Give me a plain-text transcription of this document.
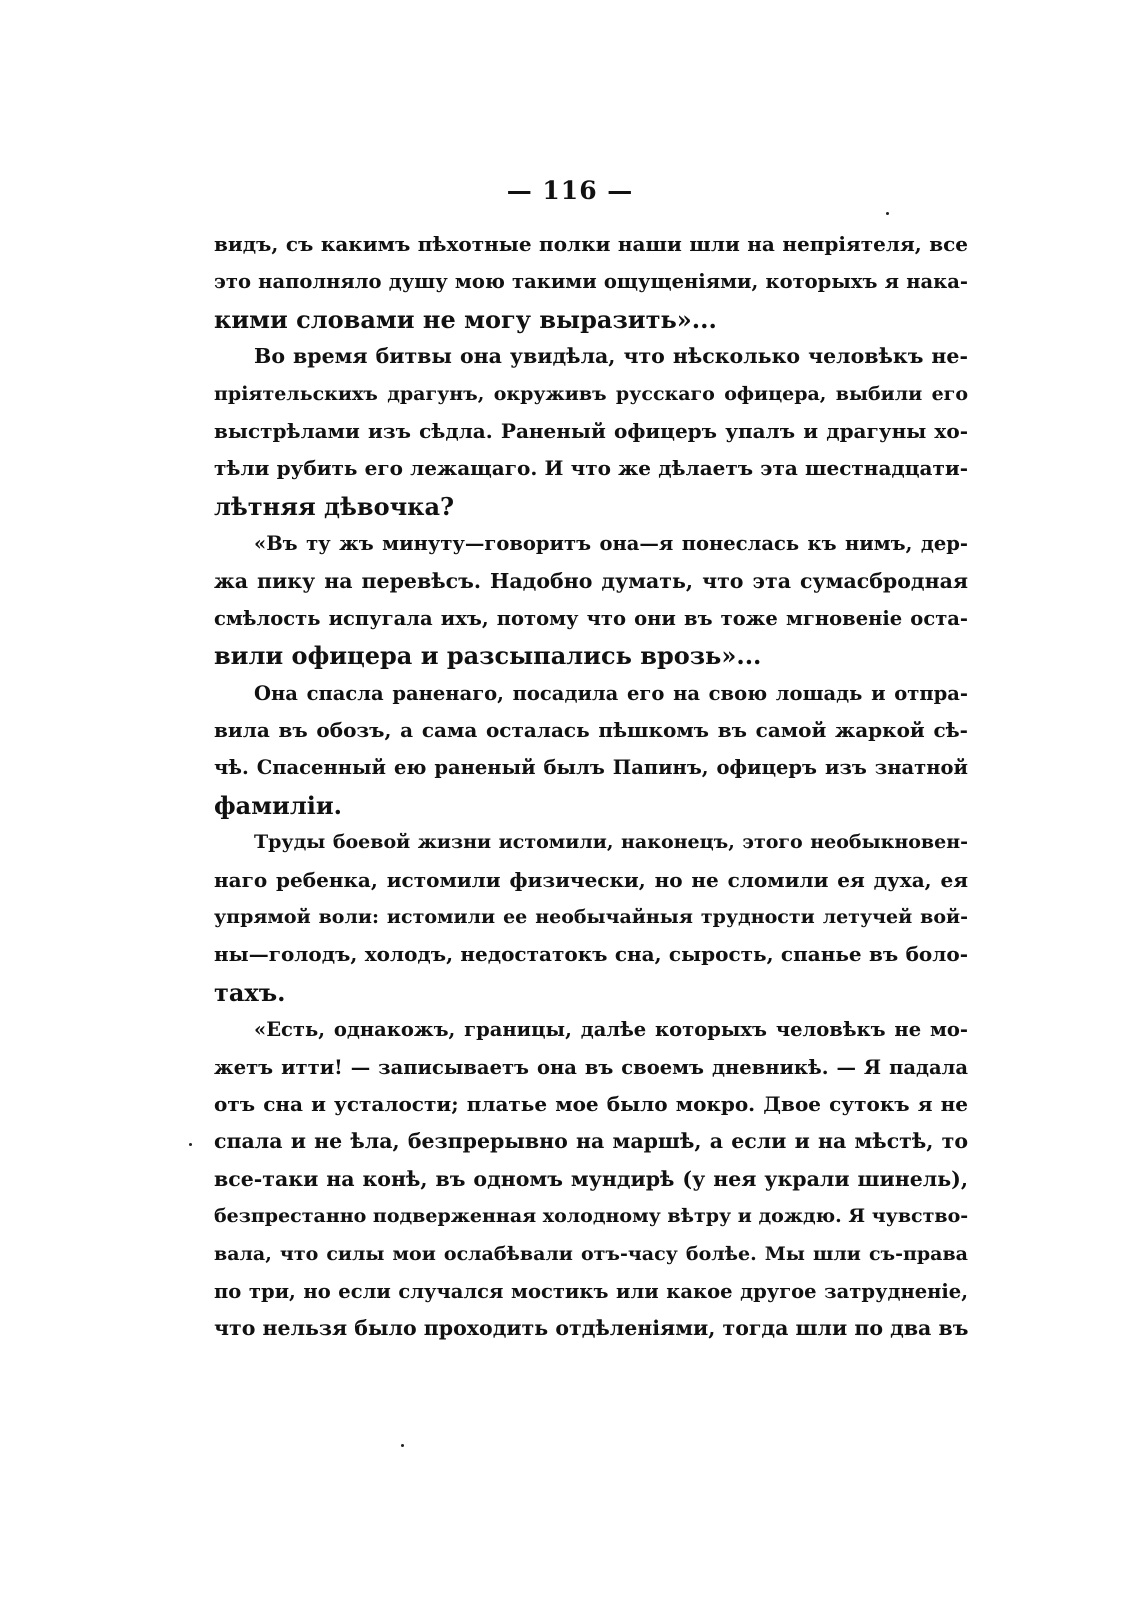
— 116 —
видъ, съ какимъ пѣхотные полки наши шли на непріятеля, все
это наполняло душу мою такими ощущеніями, которыхъ я нака-
кими словами не могу выразить»...
Во время битвы она увидѣла, что нѣсколько человѣкъ не-
пріятельскихъ драгунъ, окруживъ русскаго офицера, выбили его
выстрѣлами изъ сѣдла. Раненый офицеръ упалъ и драгуны хо-
тѣли рубить его лежащаго. И что же дѣлаетъ эта шестнадцати-
лѣтняя дѣвочка?
«Въ ту жъ минуту—говоритъ она—я понеслась къ нимъ, дер-
жа пику на перевѣсъ. Надобно думать, что эта сумасбродная
смѣлость испугала ихъ, потому что они въ тоже мгновеніе оста-
вили офицера и разсыпались врозь»...
Она спасла раненаго, посадила его на свою лошадь и отпра-
вила въ обозъ, а сама осталась пѣшкомъ въ самой жаркой сѣ-
чѣ. Спасенный ею раненый былъ Папинъ, офицеръ изъ знатной
фамиліи.
Труды боевой жизни истомили, наконецъ, этого необыкновен-
наго ребенка, истомили физически, но не сломили ея духа, ея
упрямой воли: истомили ее необычайныя трудности летучей вой-
ны—голодъ, холодъ, недостатокъ сна, сырость, спанье въ боло-
тахъ.
«Есть, однакожъ, границы, далѣе которыхъ человѣкъ не мо-
жетъ итти! — записываетъ она въ своемъ дневникѣ. — Я падала
отъ сна и усталости; платье мое было мокро. Двое сутокъ я не
спала и не ѣла, безпрерывно на маршѣ, а если и на мѣстѣ, то
все-таки на конѣ, въ одномъ мундирѣ (у нея украли шинель),
безпрестанно подверженная холодному вѣтру и дождю. Я чувство-
вала, что силы мои ослабѣвали отъ-часу болѣе. Мы шли съ-права
по три, но если случался мостикъ или какое другое затрудненіе,
что нельзя было проходить отдѣленіями, тогда шли по два въ
